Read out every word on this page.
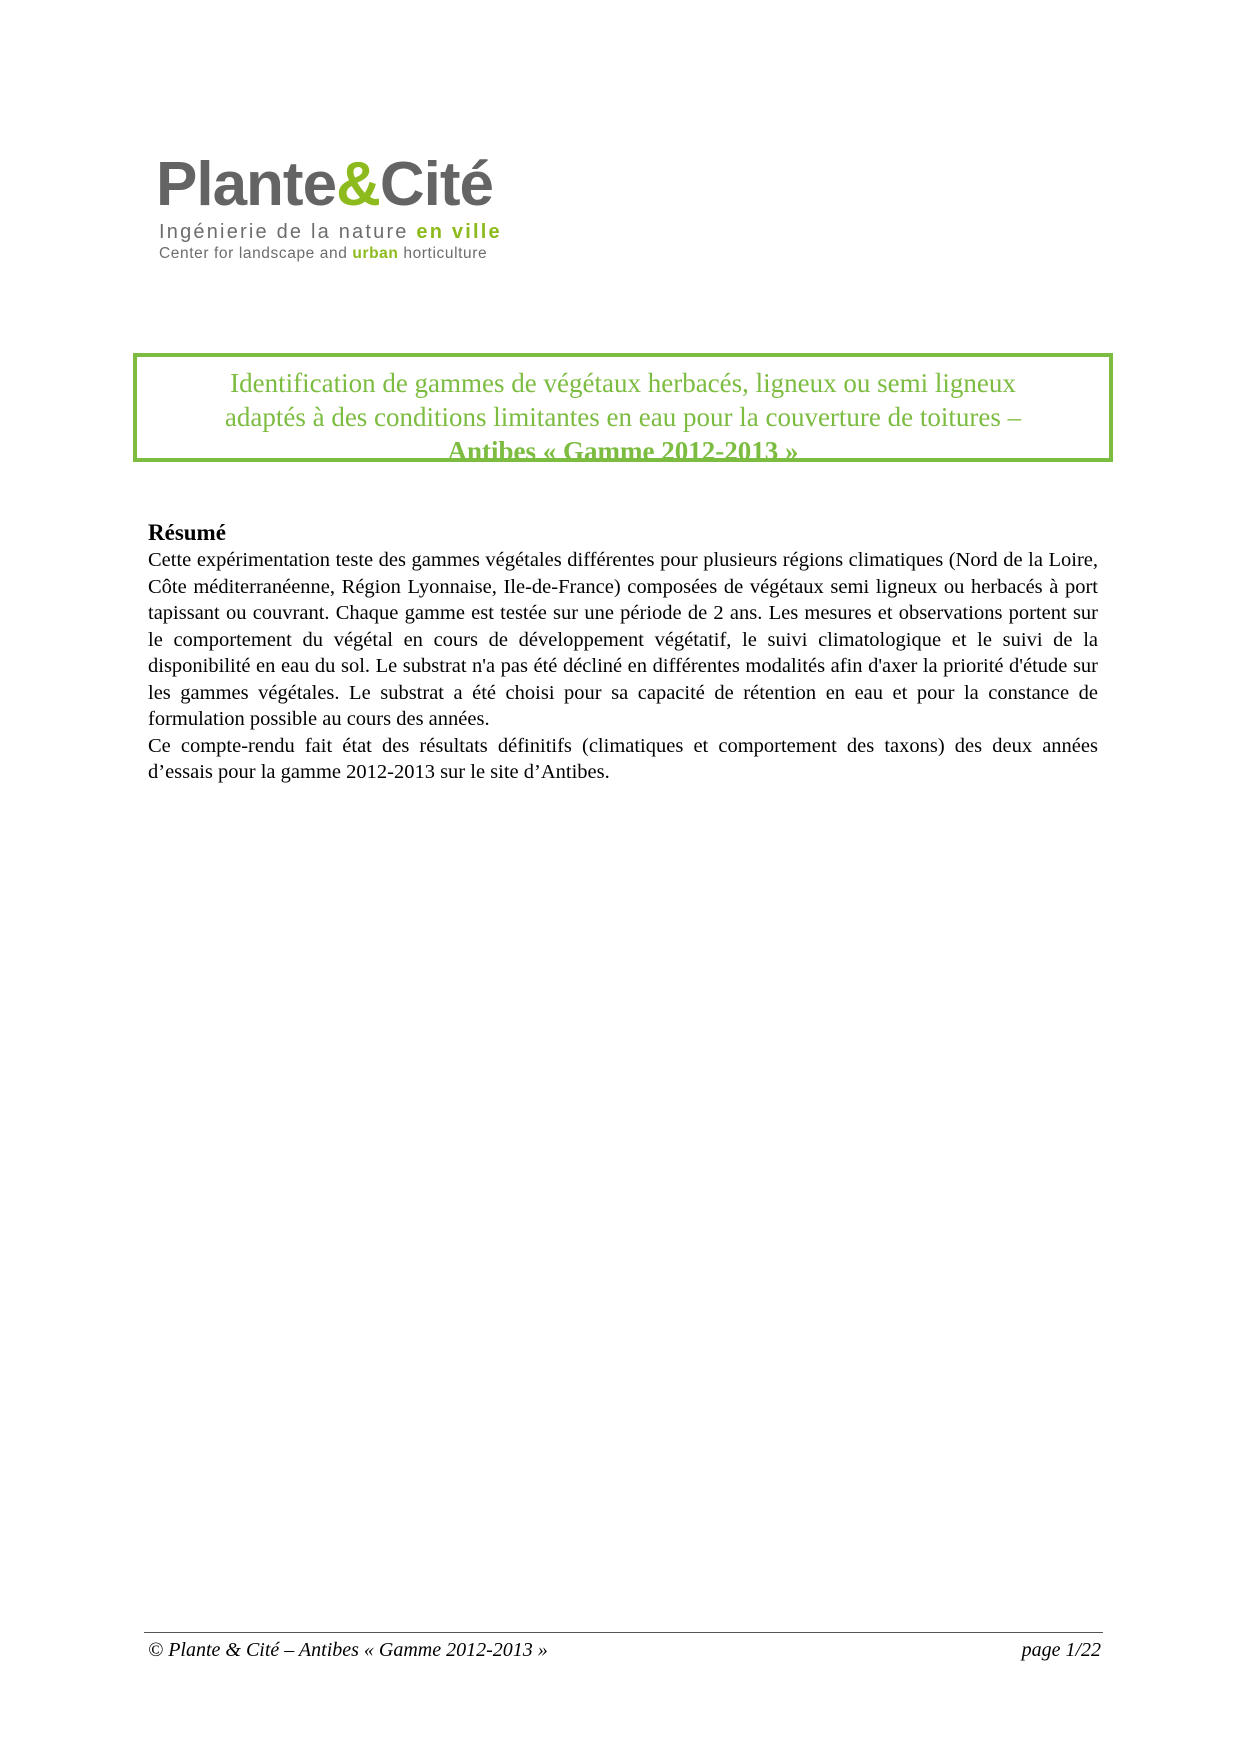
Plante&Cité
Ingénierie de la nature en ville
Center for landscape and urban horticulture
Identification de gammes de végétaux herbacés, ligneux ou semi ligneux
adaptés à des conditions limitantes en eau pour la couverture de toitures –
Antibes « Gamme 2012-2013 »
Résumé

Cette expérimentation teste des gammes végétales différentes pour plusieurs régions climatiques (Nord de la Loire, Côte méditerranéenne, Région Lyonnaise, Ile-de-France) composées de végétaux semi ligneux ou herbacés à port tapissant ou couvrant. Chaque gamme est testée sur une période de 2 ans. Les mesures et observations portent sur le comportement du végétal en cours de développement végétatif, le suivi climatologique et le suivi de la disponibilité en eau du sol. Le substrat n'a pas été décliné en différentes modalités afin d'axer la priorité d'étude sur les gammes végétales. Le substrat a été choisi pour sa capacité de rétention en eau et pour la constance de formulation possible au cours des années.

Ce compte-rendu fait état des résultats définitifs (climatiques et comportement des taxons) des deux années d’essais pour la gamme 2012-2013 sur le site d’Antibes.

© Plante & Cité – Antibes « Gamme 2012-2013 »	page 1/22
